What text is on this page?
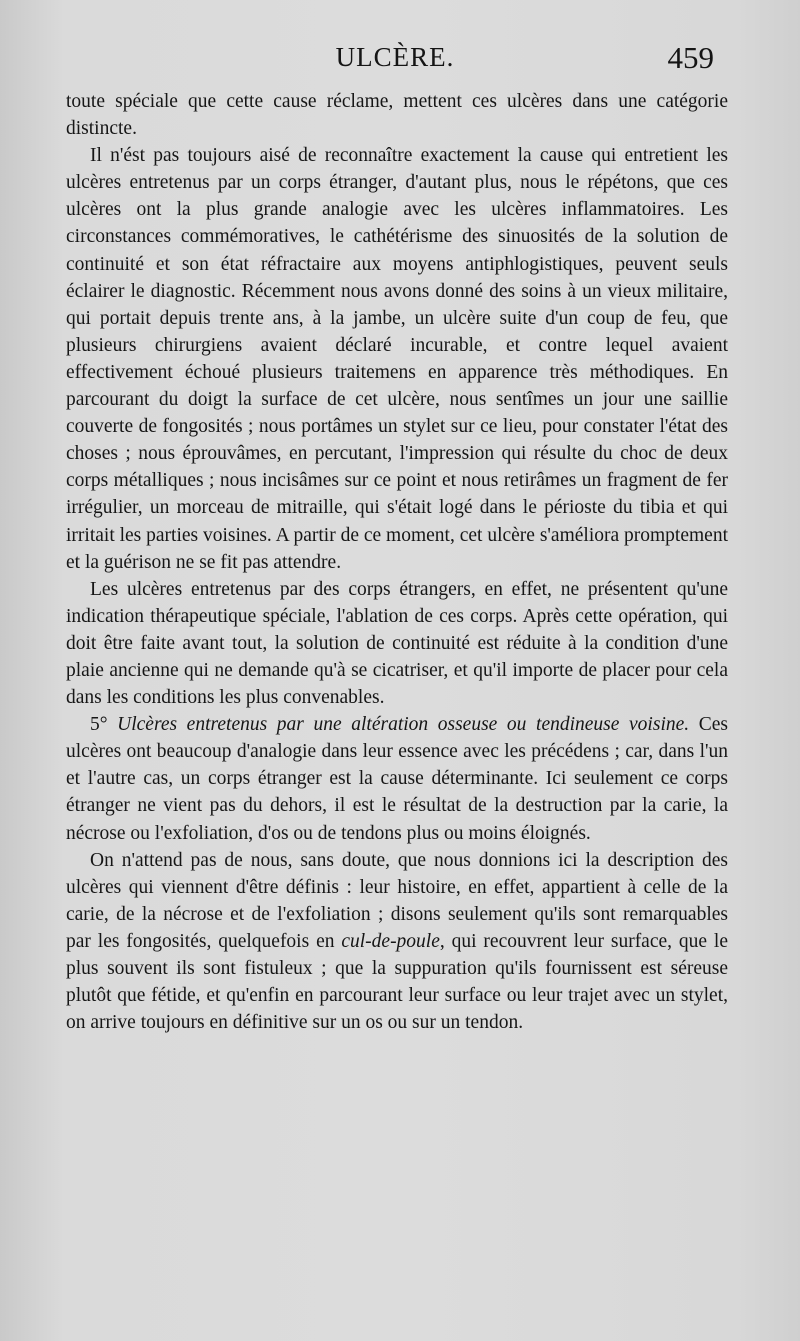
ULCÈRE.	459

toute spéciale que cette cause réclame, mettent ces ulcères dans une catégorie distincte.

Il n'ést pas toujours aisé de reconnaître exactement la cause qui entretient les ulcères entretenus par un corps étranger, d'autant plus, nous le répétons, que ces ulcères ont la plus grande analogie avec les ulcères inflammatoires. Les circonstances commémoratives, le cathétérisme des sinuosités de la solution de continuité et son état réfractaire aux moyens antiphlogistiques, peuvent seuls éclairer le diagnostic. Récemment nous avons donné des soins à un vieux militaire, qui portait depuis trente ans, à la jambe, un ulcère suite d'un coup de feu, que plusieurs chirurgiens avaient déclaré incurable, et contre lequel avaient effectivement échoué plusieurs traitemens en apparence très méthodiques. En parcourant du doigt la surface de cet ulcère, nous sentîmes un jour une saillie couverte de fongosités ; nous portâmes un stylet sur ce lieu, pour constater l'état des choses ; nous éprouvâmes, en percutant, l'impression qui résulte du choc de deux corps métalliques ; nous incisâmes sur ce point et nous retirâmes un fragment de fer irrégulier, un morceau de mitraille, qui s'était logé dans le périoste du tibia et qui irritait les parties voisines. A partir de ce moment, cet ulcère s'améliora promptement et la guérison ne se fit pas attendre.

Les ulcères entretenus par des corps étrangers, en effet, ne présentent qu'une indication thérapeutique spéciale, l'ablation de ces corps. Après cette opération, qui doit être faite avant tout, la solution de continuité est réduite à la condition d'une plaie ancienne qui ne demande qu'à se cicatriser, et qu'il importe de placer pour cela dans les conditions les plus convenables.

5° Ulcères entretenus par une altération osseuse ou tendineuse voisine. Ces ulcères ont beaucoup d'analogie dans leur essence avec les précédens ; car, dans l'un et l'autre cas, un corps étranger est la cause déterminante. Ici seulement ce corps étranger ne vient pas du dehors, il est le résultat de la destruction par la carie, la nécrose ou l'exfoliation, d'os ou de tendons plus ou moins éloignés.

On n'attend pas de nous, sans doute, que nous donnions ici la description des ulcères qui viennent d'être définis : leur histoire, en effet, appartient à celle de la carie, de la nécrose et de l'exfoliation ; disons seulement qu'ils sont remarquables par les fongosités, quelquefois en cul-de-poule, qui recouvrent leur surface, que le plus souvent ils sont fistuleux ; que la suppuration qu'ils fournissent est séreuse plutôt que fétide, et qu'enfin en parcourant leur surface ou leur trajet avec un stylet, on arrive toujours en définitive sur un os ou sur un tendon.
